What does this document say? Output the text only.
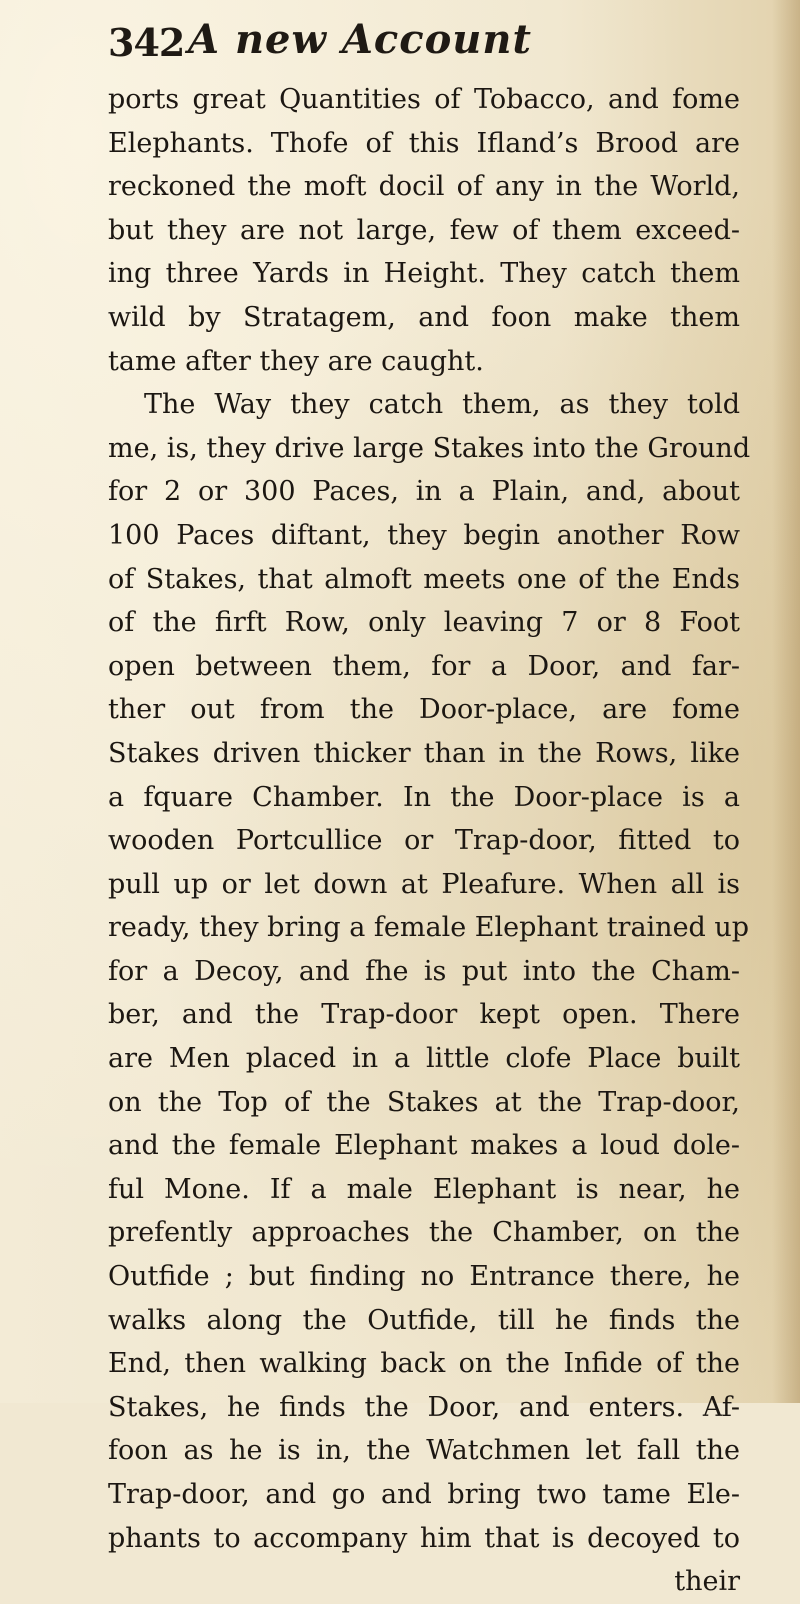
342 A new Account
ports great Quantities of Tobacco, and fome
Elephants. Thofe of this Ifland’s Brood are
reckoned the moft docil of any in the World,
but they are not large, few of them exceed-
ing three Yards in Height. They catch them
wild by Stratagem, and foon make them
tame after they are caught.
The Way they catch them, as they told
me, is, they drive large Stakes into the Ground
for 2 or 300 Paces, in a Plain, and, about
100 Paces diftant, they begin another Row
of Stakes, that almoft meets one of the Ends
of the firft Row, only leaving 7 or 8 Foot
open between them, for a Door, and far-
ther out from the Door-place, are fome
Stakes driven thicker than in the Rows, like
a fquare Chamber. In the Door-place is a
wooden Portcullice or Trap-door, fitted to
pull up or let down at Pleafure. When all is
ready, they bring a female Elephant trained up
for a Decoy, and fhe is put into the Cham-
ber, and the Trap-door kept open. There
are Men placed in a little clofe Place built
on the Top of the Stakes at the Trap-door,
and the female Elephant makes a loud dole-
ful Mone. If a male Elephant is near, he
prefently approaches the Chamber, on the
Outfide ; but finding no Entrance there, he
walks along the Outfide, till he finds the
End, then walking back on the Infide of the
Stakes, he finds the Door, and enters. Af-
foon as he is in, the Watchmen let fall the
Trap-door, and go and bring two tame Ele-
phants to accompany him that is decoyed to
their
